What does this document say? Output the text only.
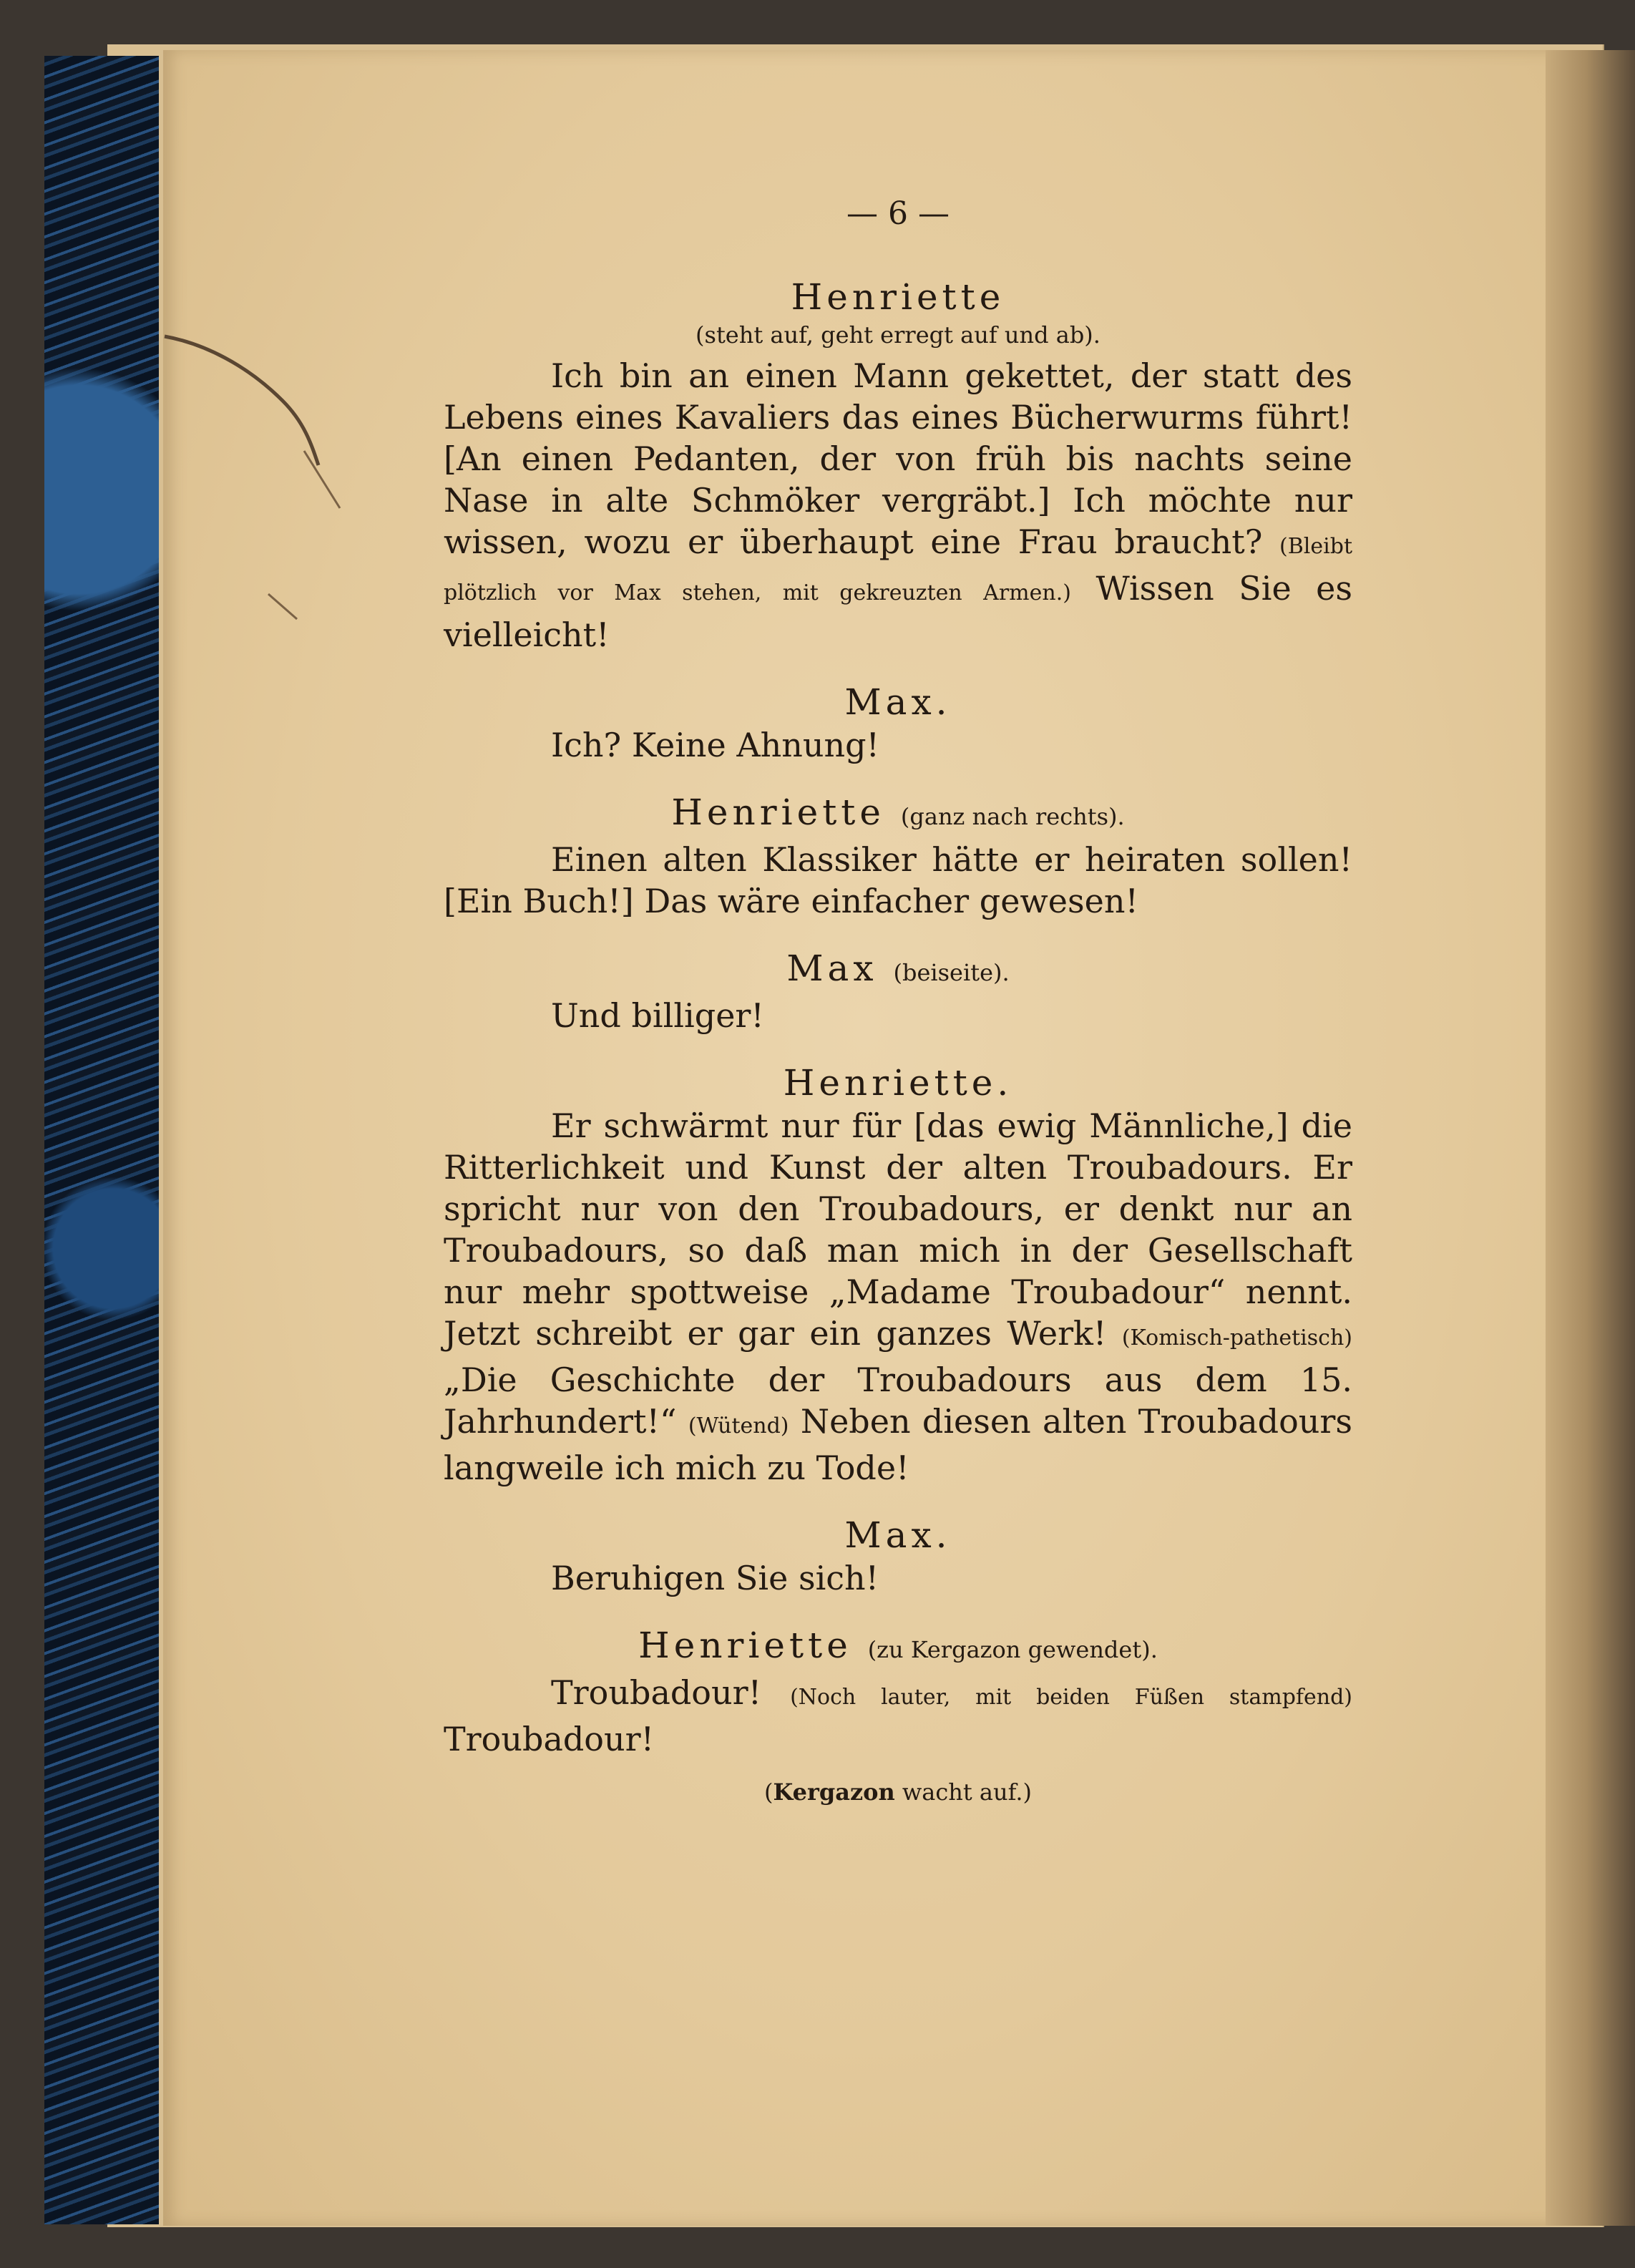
— 6 —
Henriette
(steht auf, geht erregt auf und ab).

Ich bin an einen Mann gekettet, der statt des Lebens eines Kavaliers das eines Bücherwurms führt! [An einen Pedanten, der von früh bis nachts seine Nase in alte Schmöker vergräbt.] Ich möchte nur wissen, wozu er überhaupt eine Frau braucht? (Bleibt plötzlich vor Max stehen, mit gekreuzten Armen.) Wissen Sie es vielleicht!

Max.

Ich? Keine Ahnung!

Henriette (ganz nach rechts).

Einen alten Klassiker hätte er heiraten sollen! [Ein Buch!] Das wäre einfacher gewesen!

Max (beiseite).

Und billiger!

Henriette.

Er schwärmt nur für [das ewig Männliche,] die Ritterlichkeit und Kunst der alten Troubadours. Er spricht nur von den Troubadours, er denkt nur an Troubadours, so daß man mich in der Gesellschaft nur mehr spottweise „Madame Troubadour“ nennt. Jetzt schreibt er gar ein ganzes Werk! (Komisch-pathetisch) „Die Geschichte der Troubadours aus dem 15. Jahrhundert!“ (Wütend) Neben diesen alten Troubadours langweile ich mich zu Tode!

Max.

Beruhigen Sie sich!

Henriette (zu Kergazon gewendet).

Troubadour! (Noch lauter, mit beiden Füßen stampfend) Troubadour!

(Kergazon wacht auf.)
